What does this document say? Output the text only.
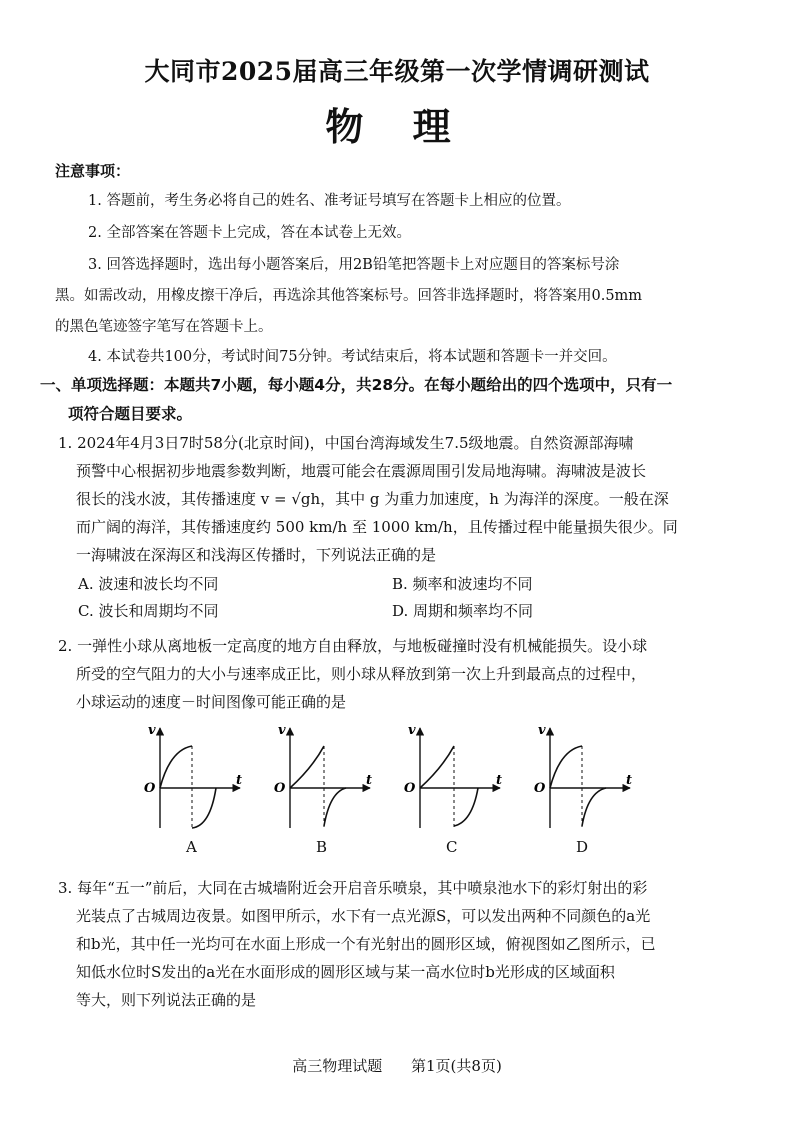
大同市2025届高三年级第一次学情调研测试
物 理
注意事项：
1. 答题前，考生务必将自己的姓名、准考证号填写在答题卡上相应的位置。
2. 全部答案在答题卡上完成，答在本试卷上无效。
3. 回答选择题时，选出每小题答案后，用2B铅笔把答题卡上对应题目的答案标号涂
黑。如需改动，用橡皮擦干净后，再选涂其他答案标号。回答非选择题时，将答案用0.5mm
的黑色笔迹签字笔写在答题卡上。
4. 本试卷共100分，考试时间75分钟。考试结束后，将本试题和答题卡一并交回。
一、单项选择题：本题共7小题，每小题4分，共28分。在每小题给出的四个选项中，只有一
项符合题目要求。
1. 2024年4月3日7时58分(北京时间)，中国台湾海域发生7.5级地震。自然资源部海啸
预警中心根据初步地震参数判断，地震可能会在震源周围引发局地海啸。海啸波是波长
很长的浅水波，其传播速度 v = √gh，其中 g 为重力加速度，h 为海洋的深度。一般在深
而广阔的海洋，其传播速度约 500 km/h 至 1000 km/h，且传播过程中能量损失很少。同
一海啸波在深海区和浅海区传播时，下列说法正确的是
A. 波速和波长均不同	B. 频率和波速均不同
C. 波长和周期均不同	D. 周期和频率均不同
2. 一弹性小球从离地板一定高度的地方自由释放，与地板碰撞时没有机械能损失。设小球
所受的空气阻力的大小与速率成正比，则小球从释放到第一次上升到最高点的过程中，
小球运动的速度－时间图像可能正确的是
v
O
t
v
O
t
v
O
t
v
O
t
A	B	C	D
3. 每年“五一”前后，大同在古城墙附近会开启音乐喷泉，其中喷泉池水下的彩灯射出的彩
光装点了古城周边夜景。如图甲所示，水下有一点光源S，可以发出两种不同颜色的a光
和b光，其中任一光均可在水面上形成一个有光射出的圆形区域，俯视图如乙图所示，已
知低水位时S发出的a光在水面形成的圆形区域与某一高水位时b光形成的区域面积
等大，则下列说法正确的是
高三物理试题 第1页(共8页)
